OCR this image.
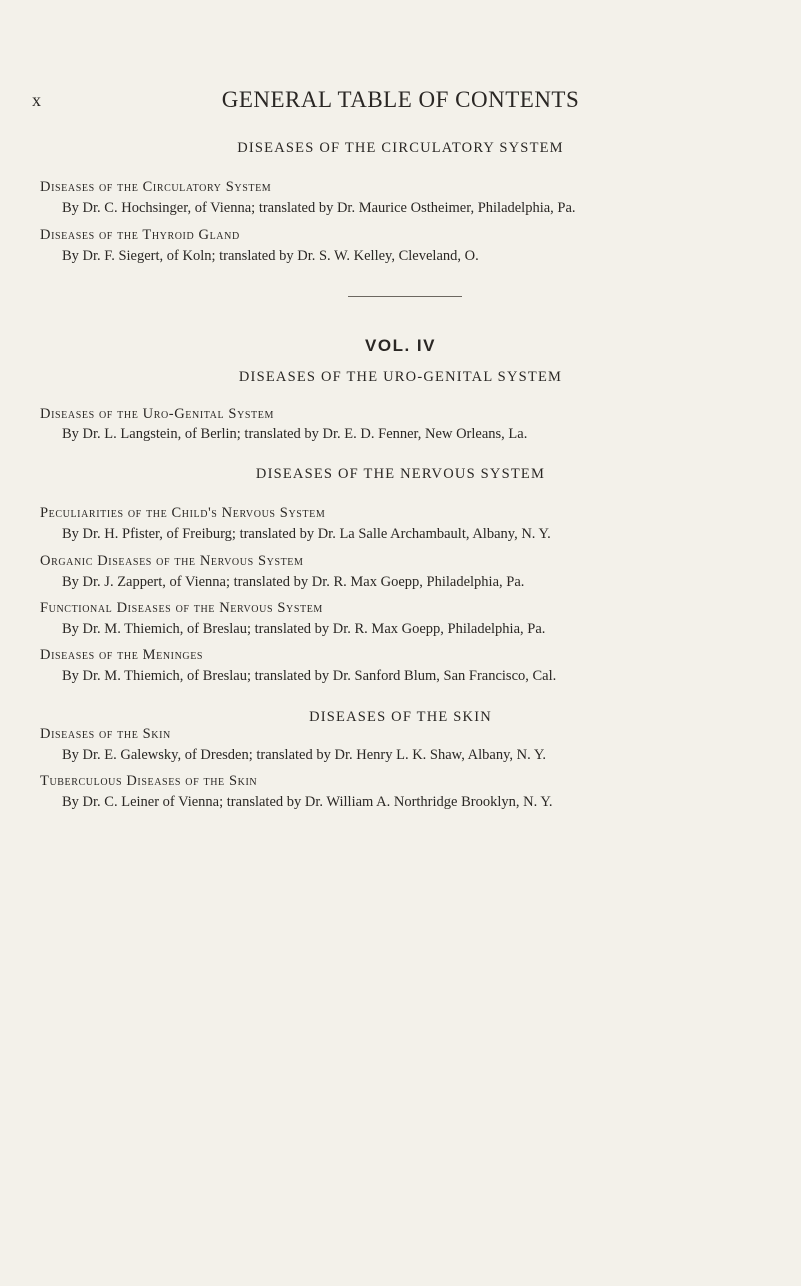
x	GENERAL TABLE OF CONTENTS
DISEASES OF THE CIRCULATORY SYSTEM
Diseases of the Circulatory System
By Dr. C. Hochsinger, of Vienna; translated by Dr. Maurice Ostheimer, Philadelphia, Pa.
Diseases of the Thyroid Gland
By Dr. F. Siegert, of Koln; translated by Dr. S. W. Kelley, Cleveland, O.
VOL. IV
DISEASES OF THE URO-GENITAL SYSTEM
Diseases of the Uro-Genital System
By Dr. L. Langstein, of Berlin; translated by Dr. E. D. Fenner, New Orleans, La.
DISEASES OF THE NERVOUS SYSTEM
Peculiarities of the Child's Nervous System
By Dr. H. Pfister, of Freiburg; translated by Dr. La Salle Archambault, Albany, N. Y.
Organic Diseases of the Nervous System
By Dr. J. Zappert, of Vienna; translated by Dr. R. Max Goepp, Philadelphia, Pa.
Functional Diseases of the Nervous System
By Dr. M. Thiemich, of Breslau; translated by Dr. R. Max Goepp, Philadelphia, Pa.
Diseases of the Meninges
By Dr. M. Thiemich, of Breslau; translated by Dr. Sanford Blum, San Francisco, Cal.
DISEASES OF THE SKIN
Diseases of the Skin
By Dr. E. Galewsky, of Dresden; translated by Dr. Henry L. K. Shaw, Albany, N. Y.
Tuberculous Diseases of the Skin
By Dr. C. Leiner of Vienna; translated by Dr. William A. Northridge Brooklyn, N. Y.
